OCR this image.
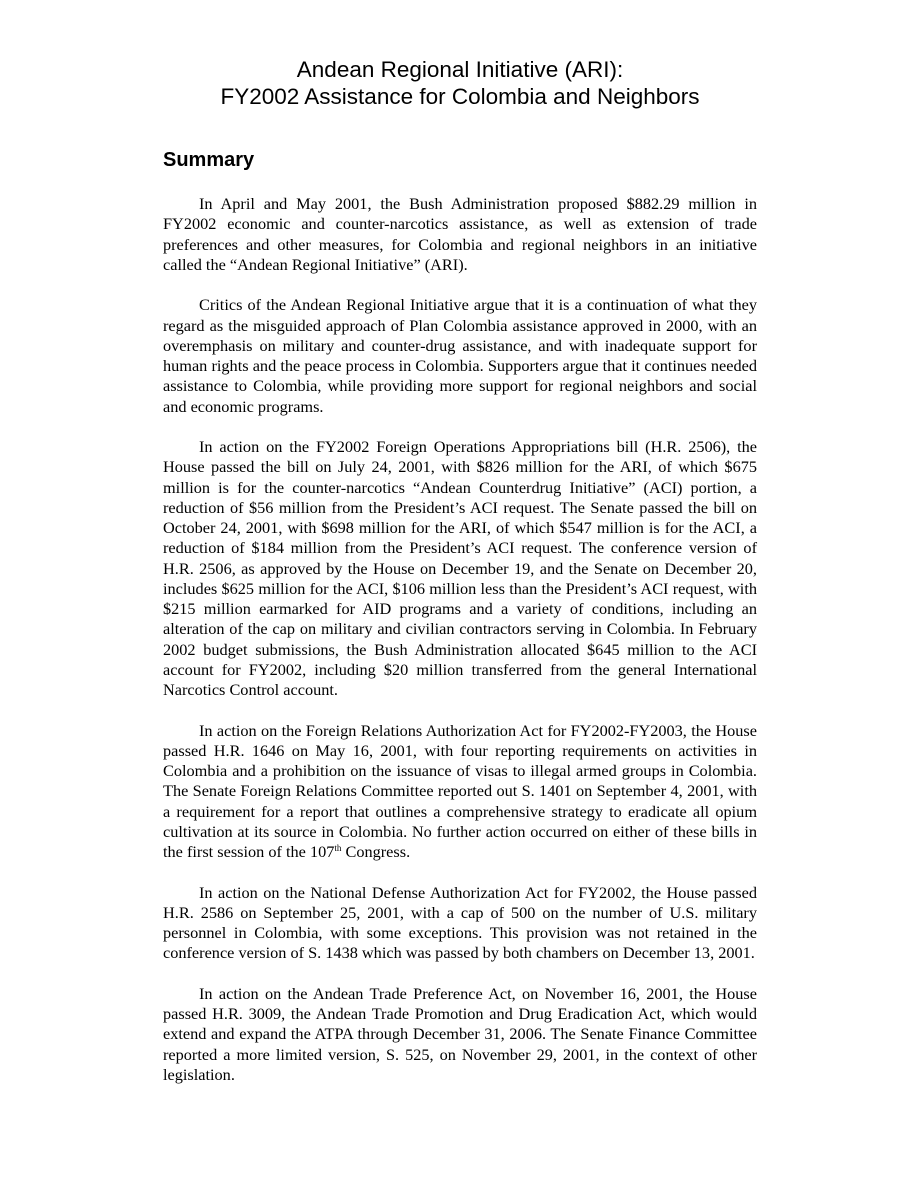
Andean Regional Initiative (ARI):
FY2002 Assistance for Colombia and Neighbors
Summary

In April and May 2001, the Bush Administration proposed $882.29 million in FY2002 economic and counter-narcotics assistance, as well as extension of trade preferences and other measures, for Colombia and regional neighbors in an initiative called the “Andean Regional Initiative” (ARI).

Critics of the Andean Regional Initiative argue that it is a continuation of what they regard as the misguided approach of Plan Colombia assistance approved in 2000, with an overemphasis on military and counter-drug assistance, and with inadequate support for human rights and the peace process in Colombia. Supporters argue that it continues needed assistance to Colombia, while providing more support for regional neighbors and social and economic programs.

In action on the FY2002 Foreign Operations Appropriations bill (H.R. 2506), the House passed the bill on July 24, 2001, with $826 million for the ARI, of which $675 million is for the counter-narcotics “Andean Counterdrug Initiative” (ACI) portion, a reduction of $56 million from the President’s ACI request. The Senate passed the bill on October 24, 2001, with $698 million for the ARI, of which $547 million is for the ACI, a reduction of $184 million from the President’s ACI request. The conference version of H.R. 2506, as approved by the House on December 19, and the Senate on December 20, includes $625 million for the ACI, $106 million less than the President’s ACI request, with $215 million earmarked for AID programs and a variety of conditions, including an alteration of the cap on military and civilian contractors serving in Colombia. In February 2002 budget submissions, the Bush Administration allocated $645 million to the ACI account for FY2002, including $20 million transferred from the general International Narcotics Control account.

In action on the Foreign Relations Authorization Act for FY2002-FY2003, the House passed H.R. 1646 on May 16, 2001, with four reporting requirements on activities in Colombia and a prohibition on the issuance of visas to illegal armed groups in Colombia. The Senate Foreign Relations Committee reported out S. 1401 on September 4, 2001, with a requirement for a report that outlines a comprehensive strategy to eradicate all opium cultivation at its source in Colombia. No further action occurred on either of these bills in the first session of the 107th Congress.

In action on the National Defense Authorization Act for FY2002, the House passed H.R. 2586 on September 25, 2001, with a cap of 500 on the number of U.S. military personnel in Colombia, with some exceptions. This provision was not retained in the conference version of S. 1438 which was passed by both chambers on December 13, 2001.

In action on the Andean Trade Preference Act, on November 16, 2001, the House passed H.R. 3009, the Andean Trade Promotion and Drug Eradication Act, which would extend and expand the ATPA through December 31, 2006. The Senate Finance Committee reported a more limited version, S. 525, on November 29, 2001, in the context of other legislation.
